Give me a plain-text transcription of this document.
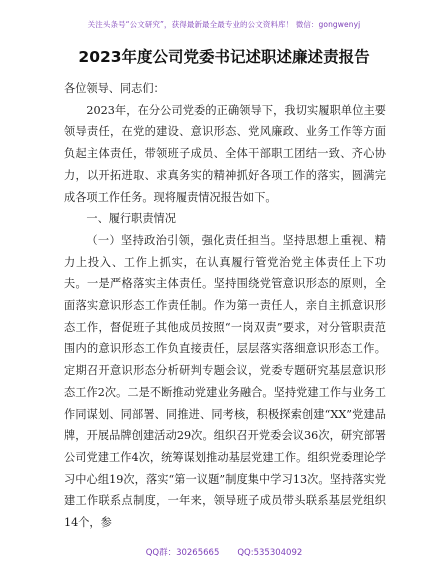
关注头条号“公文研究”，获得最新最全最专业的公文资料库！ 微信：gongwenyj
2023年度公司党委书记述职述廉述责报告

各位领导、同志们：

2023年，在分公司党委的正确领导下，我切实履职单位主要领导责任，在党的建设、意识形态、党风廉政、业务工作等方面负起主体责任，带领班子成员、全体干部职工团结一致、齐心协力，以开拓进取、求真务实的精神抓好各项工作的落实，圆满完成各项工作任务。现将履责情况报告如下。

一、履行职责情况

（一）坚持政治引领，强化责任担当。坚持思想上重视、精力上投入、工作上抓实，在认真履行管党治党主体责任上下功夫。一是严格落实主体责任。坚持围绕党管意识形态的原则，全面落实意识形态工作责任制。作为第一责任人，亲自主抓意识形态工作，督促班子其他成员按照“一岗双责”要求，对分管职责范围内的意识形态工作负直接责任，层层落实落细意识形态工作。定期召开意识形态分析研判专题会议，党委专题研究基层意识形态工作2次。二是不断推动党建业务融合。坚持党建工作与业务工作同谋划、同部署、同推进、同考核，积极探索创建“XX”党建品牌，开展品牌创建活动29次。组织召开党委会议36次，研究部署公司党建工作4次，统筹谋划推动基层党建工作。组织党委理论学习中心组19次，落实“第一议题”制度集中学习13次。坚持落实党建工作联系点制度，一年来，领导班子成员带头联系基层党组织14个，参

QQ群：30265665 QQ:535304092
